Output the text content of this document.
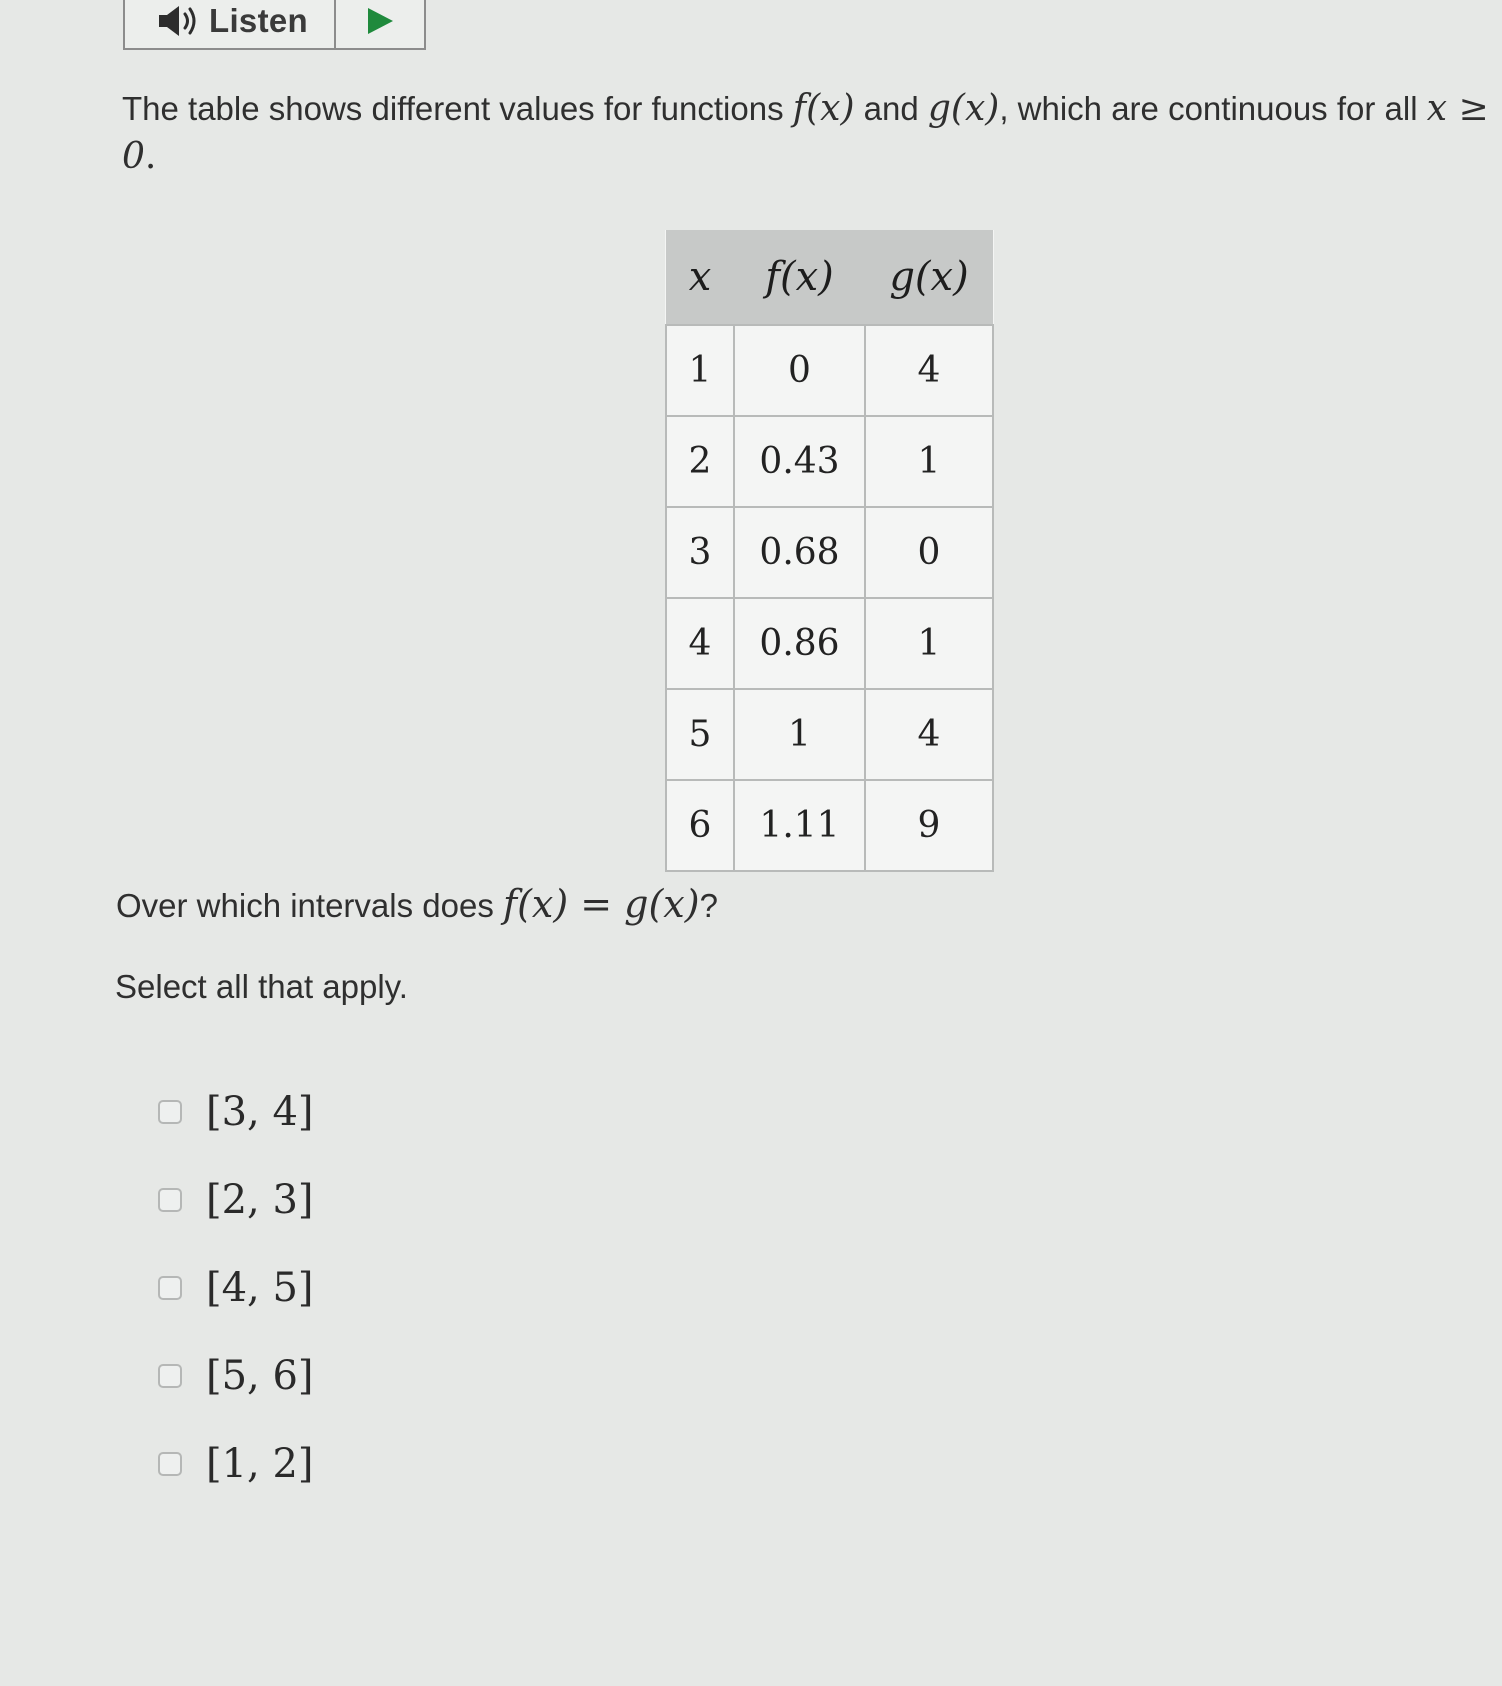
Listen
The table shows different values for functions f(x) and g(x), which are continuous for all x ≥ 0.
x	f(x)	g(x)
1	0	4
2	0.43	1
3	0.68	0
4	0.86	1
5	1	4
6	1.11	9
Over which intervals does f(x) = g(x)?
Select all that apply.
[3, 4]
[2, 3]
[4, 5]
[5, 6]
[1, 2]
